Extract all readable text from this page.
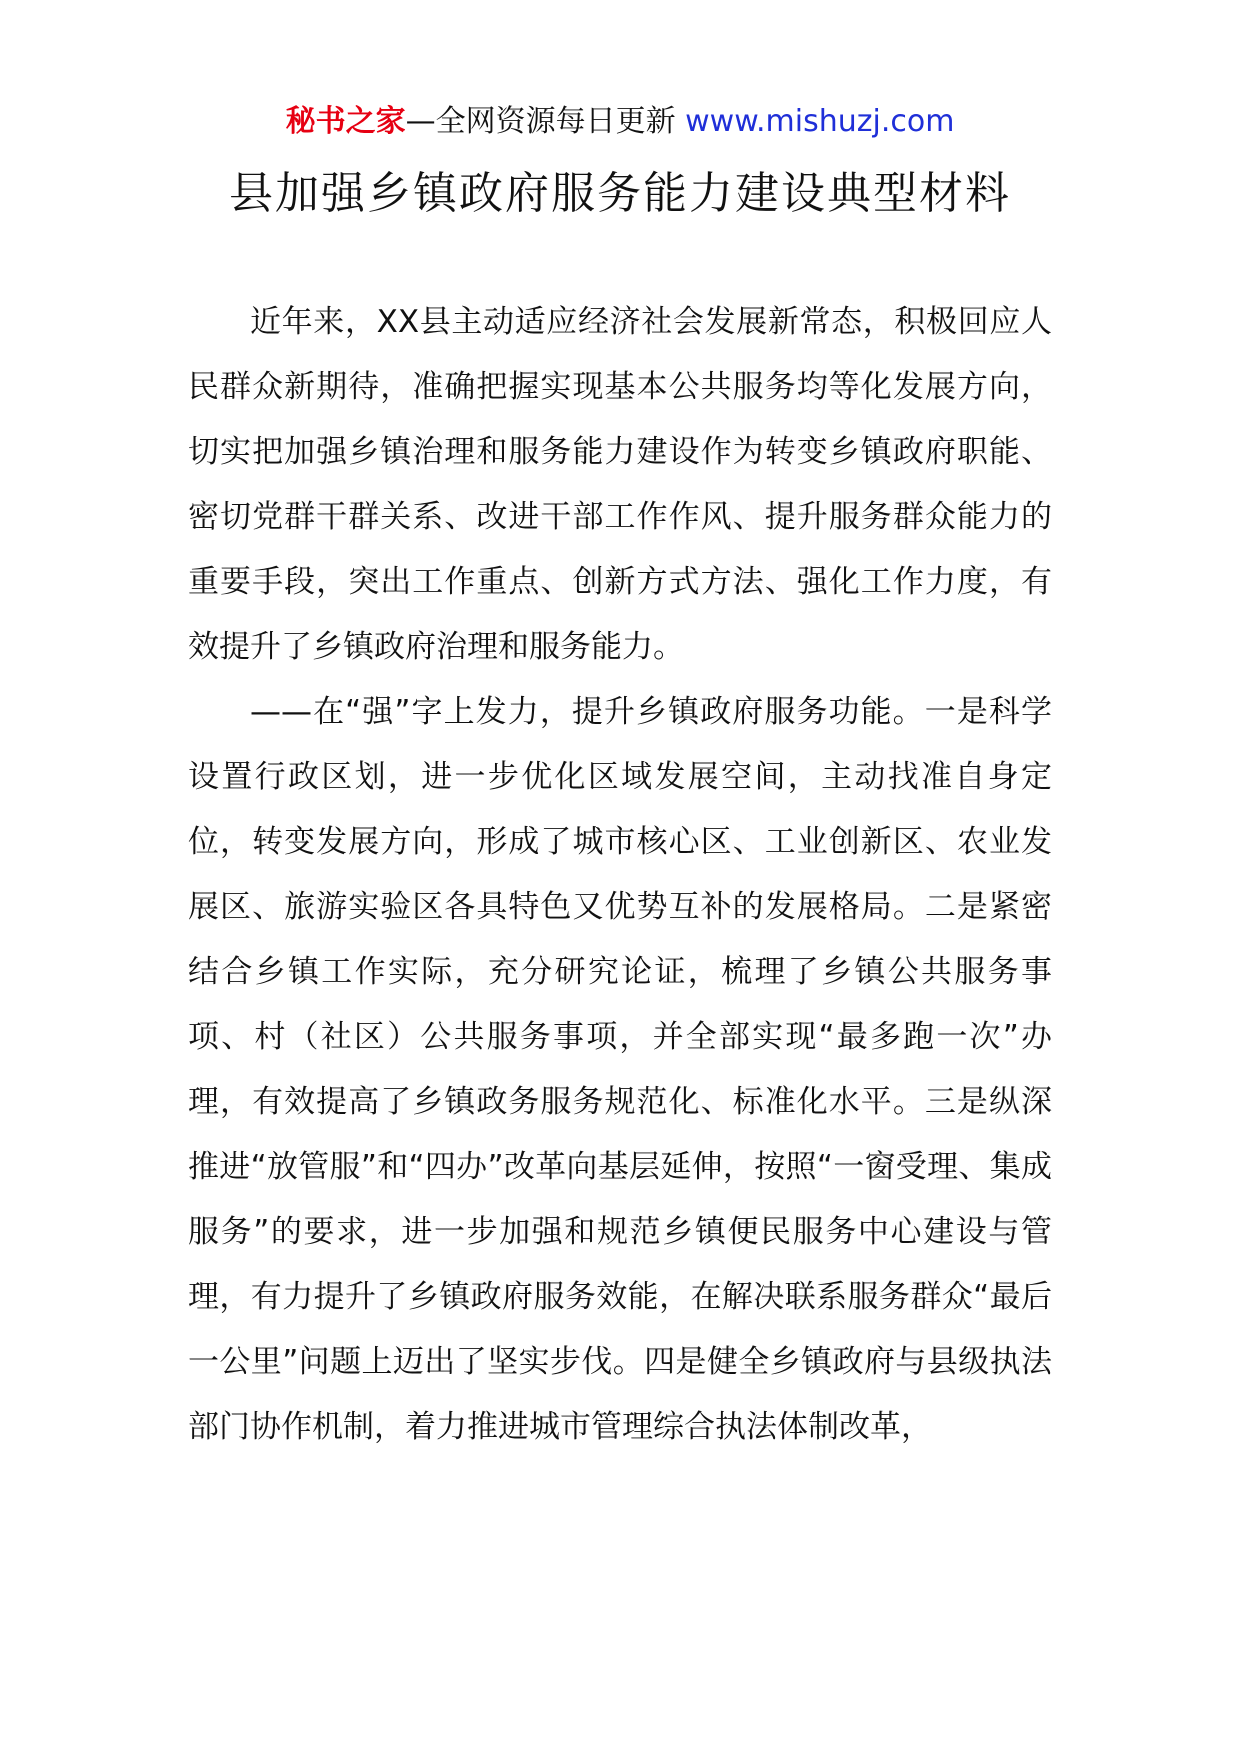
秘书之家—全网资源每日更新 www.mishuzj.com
县加强乡镇政府服务能力建设典型材料

近年来，XX县主动适应经济社会发展新常态，积极回应人民群众新期待，准确把握实现基本公共服务均等化发展方向，切实把加强乡镇治理和服务能力建设作为转变乡镇政府职能、密切党群干群关系、改进干部工作作风、提升服务群众能力的重要手段，突出工作重点、创新方式方法、强化工作力度，有效提升了乡镇政府治理和服务能力。

——在“强”字上发力，提升乡镇政府服务功能。一是科学设置行政区划，进一步优化区域发展空间，主动找准自身定位，转变发展方向，形成了城市核心区、工业创新区、农业发展区、旅游实验区各具特色又优势互补的发展格局。二是紧密结合乡镇工作实际，充分研究论证，梳理了乡镇公共服务事项、村（社区）公共服务事项，并全部实现“最多跑一次”办理，有效提高了乡镇政务服务规范化、标准化水平。三是纵深推进“放管服”和“四办”改革向基层延伸，按照“一窗受理、集成服务”的要求，进一步加强和规范乡镇便民服务中心建设与管理，有力提升了乡镇政府服务效能，在解决联系服务群众“最后一公里”问题上迈出了坚实步伐。四是健全乡镇政府与县级执法部门协作机制，着力推进城市管理综合执法体制改革，
